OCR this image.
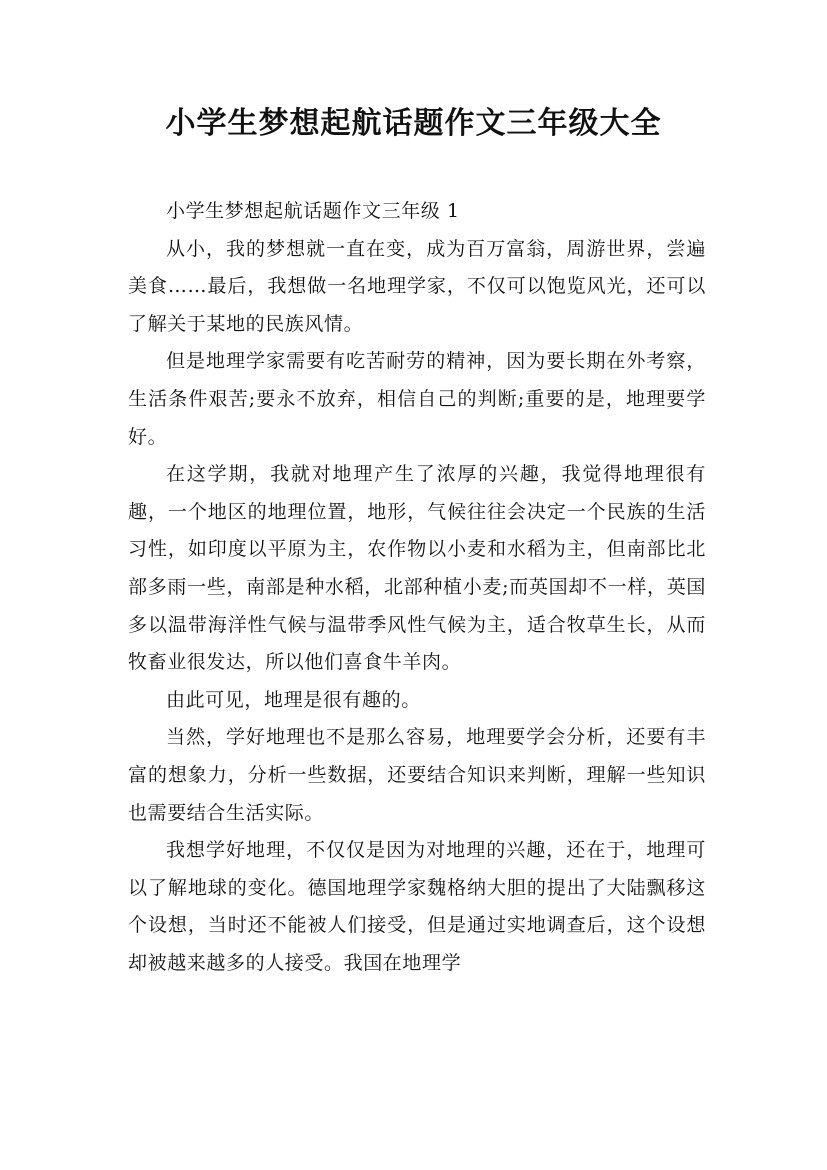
小学生梦想起航话题作文三年级大全

小学生梦想起航话题作文三年级 1

从小，我的梦想就一直在变，成为百万富翁，周游世界，尝遍美食……最后，我想做一名地理学家，不仅可以饱览风光，还可以了解关于某地的民族风情。

但是地理学家需要有吃苦耐劳的精神，因为要长期在外考察，生活条件艰苦;要永不放弃，相信自己的判断;重要的是，地理要学好。

在这学期，我就对地理产生了浓厚的兴趣，我觉得地理很有趣，一个地区的地理位置，地形，气候往往会决定一个民族的生活习性，如印度以平原为主，农作物以小麦和水稻为主，但南部比北部多雨一些，南部是种水稻，北部种植小麦;而英国却不一样，英国多以温带海洋性气候与温带季风性气候为主，适合牧草生长，从而牧畜业很发达，所以他们喜食牛羊肉。

由此可见，地理是很有趣的。

当然，学好地理也不是那么容易，地理要学会分析，还要有丰富的想象力，分析一些数据，还要结合知识来判断，理解一些知识也需要结合生活实际。

我想学好地理，不仅仅是因为对地理的兴趣，还在于，地理可以了解地球的变化。德国地理学家魏格纳大胆的提出了大陆飘移这个设想，当时还不能被人们接受，但是通过实地调查后，这个设想却被越来越多的人接受。我国在地理学
